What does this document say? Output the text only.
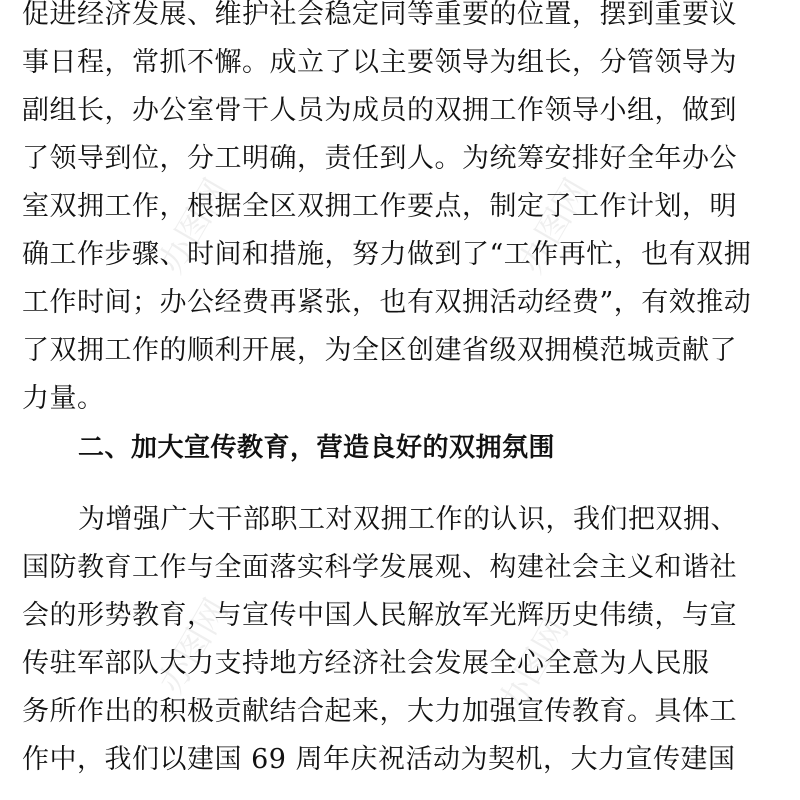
办图网	办图网
办图网	办图网
促进经济发展、维护社会稳定同等重要的位置，摆到重要议
事日程，常抓不懈。成立了以主要领导为组长，分管领导为
副组长，办公室骨干人员为成员的双拥工作领导小组，做到
了领导到位，分工明确，责任到人。为统筹安排好全年办公
室双拥工作，根据全区双拥工作要点，制定了工作计划，明
确工作步骤、时间和措施，努力做到了“工作再忙，也有双拥
工作时间；办公经费再紧张，也有双拥活动经费”，有效推动
了双拥工作的顺利开展，为全区创建省级双拥模范城贡献了
力量。
二、加大宣传教育，营造良好的双拥氛围
为增强广大干部职工对双拥工作的认识，我们把双拥、
国防教育工作与全面落实科学发展观、构建社会主义和谐社
会的形势教育，与宣传中国人民解放军光辉历史伟绩，与宣
传驻军部队大力支持地方经济社会发展全心全意为人民服
务所作出的积极贡献结合起来，大力加强宣传教育。具体工
作中，我们以建国 69 周年庆祝活动为契机，大力宣传建国
